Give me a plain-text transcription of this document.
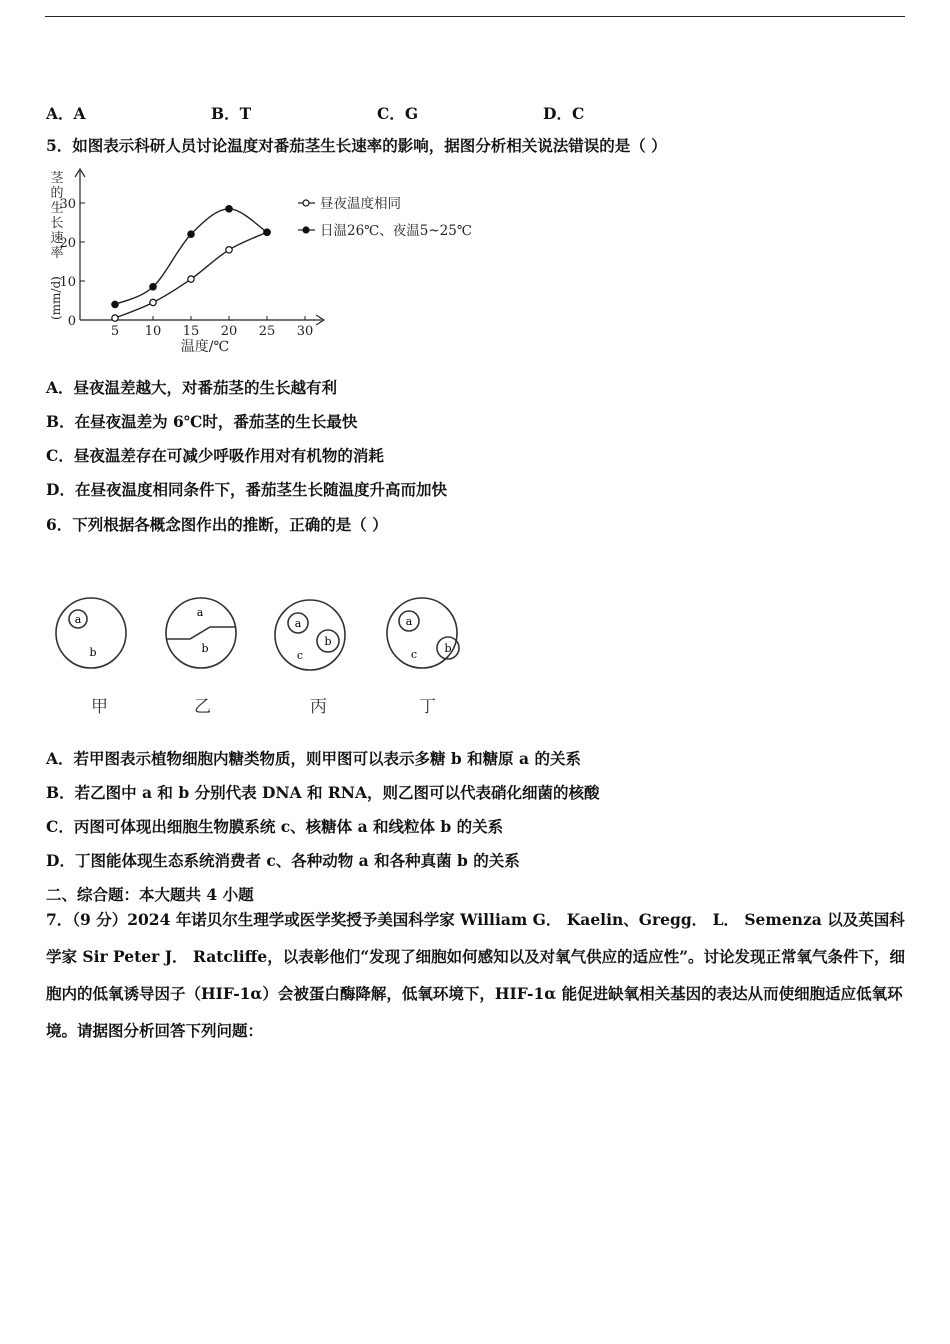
A．A	B．T	C．G	D．C
5．如图表示科研人员讨论温度对番茄茎生长速率的影响，据图分析相关说法错误的是（ ）
茎
的
生
长
速
率
(mm/d)
0
10
20
30
5 10 15 20 25 30
温度/℃
昼夜温度相同
日温26℃、夜温5~25℃
A．昼夜温差越大，对番茄茎的生长越有利
B．在昼夜温差为 6℃时，番茄茎的生长最快
C．昼夜温差存在可减少呼吸作用对有机物的消耗
D．在昼夜温度相同条件下，番茄茎生长随温度升高而加快
6．下列根据各概念图作出的推断，正确的是（ ）
a
b
a
b
a
c
b
a
c b
甲	乙	丙	丁
A．若甲图表示植物细胞内糖类物质，则甲图可以表示多糖 b 和糖原 a 的关系
B．若乙图中 a 和 b 分别代表 DNA 和 RNA，则乙图可以代表硝化细菌的核酸
C．丙图可体现出细胞生物膜系统 c、核糖体 a 和线粒体 b 的关系
D．丁图能体现生态系统消费者 c、各种动物 a 和各种真菌 b 的关系
二、综合题：本大题共 4 小题
7．（9 分）2024 年诺贝尔生理学或医学奖授予美国科学家 William G． Kaelin、Gregg． L． Semenza 以及英国科学家 Sir Peter J． Ratcliffe，以表彰他们“发现了细胞如何感知以及对氧气供应的适应性”。讨论发现正常氧气条件下，细胞内的低氧诱导因子（HIF-1α）会被蛋白酶降解，低氧环境下，HIF-1α 能促进缺氧相关基因的表达从而使细胞适应低氧环境。请据图分析回答下列问题：
